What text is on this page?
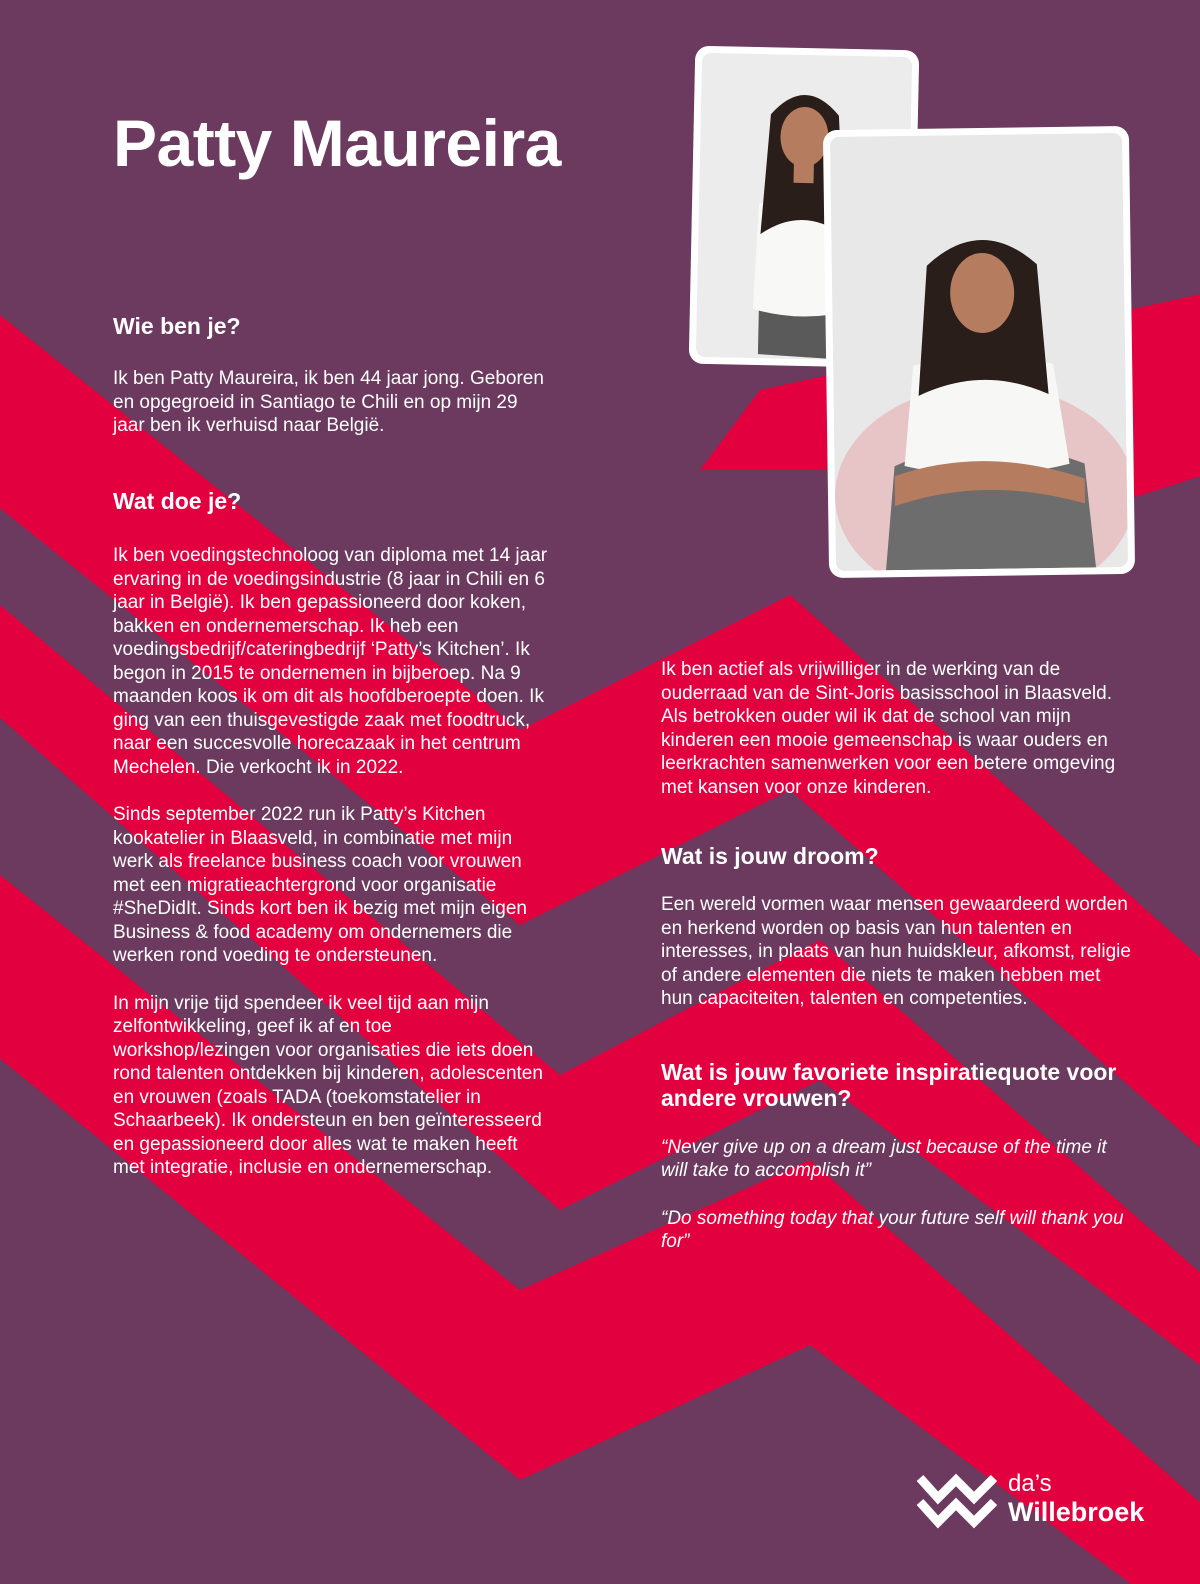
Patty Maureira
Wie ben je?

Ik ben Patty Maureira, ik ben 44 jaar jong. Geboren en opgegroeid in Santiago te Chili en op mijn 29 jaar ben ik verhuisd naar België.

Wat doe je?

Ik ben voedingstechnoloog van diploma met 14 jaar ervaring in de voedingsindustrie (8 jaar in Chili en 6 jaar in België). Ik ben gepassioneerd door koken, bakken en ondernemerschap. Ik heb een voedingsbedrijf/cateringbedrijf ‘Patty’s Kitchen’. Ik begon in 2015 te ondernemen in bijberoep. Na 9 maanden koos ik om dit als hoofdberoepte doen. Ik ging van een thuisgevestigde zaak met foodtruck, naar een succesvolle horecazaak in het centrum Mechelen. Die verkocht ik in 2022.

Sinds september 2022 run ik Patty’s Kitchen kookatelier in Blaasveld, in combinatie met mijn werk als freelance business coach voor vrouwen met een migratieachtergrond voor organisatie #SheDidIt. Sinds kort ben ik bezig met mijn eigen Business & food academy om ondernemers die werken rond voeding te ondersteunen.

In mijn vrije tijd spendeer ik veel tijd aan mijn zelfontwikkeling, geef ik af en toe workshop/lezingen voor organisaties die iets doen rond talenten ontdekken bij kinderen, adolescenten en vrouwen (zoals TADA (toekomstatelier in Schaarbeek). Ik ondersteun en ben geïnteresseerd en gepassioneerd door alles wat te maken heeft met integratie, inclusie en ondernemerschap.

Ik ben actief als vrijwilliger in de werking van de ouderraad van de Sint-Joris basisschool in Blaasveld. Als betrokken ouder wil ik dat de school van mijn kinderen een mooie gemeenschap is waar ouders en leerkrachten samenwerken voor een betere omgeving met kansen voor onze kinderen.

Wat is jouw droom?

Een wereld vormen waar mensen gewaardeerd worden en herkend worden op basis van hun talenten en interesses, in plaats van hun huidskleur, afkomst, religie of andere elementen die niets te maken hebben met hun capaciteiten, talenten en competenties.

Wat is jouw favoriete inspiratiequote voor andere vrouwen?

“Never give up on a dream just because of the time it will take to accomplish it”

“Do something today that your future self will thank you for”

da’s
Willebroek
